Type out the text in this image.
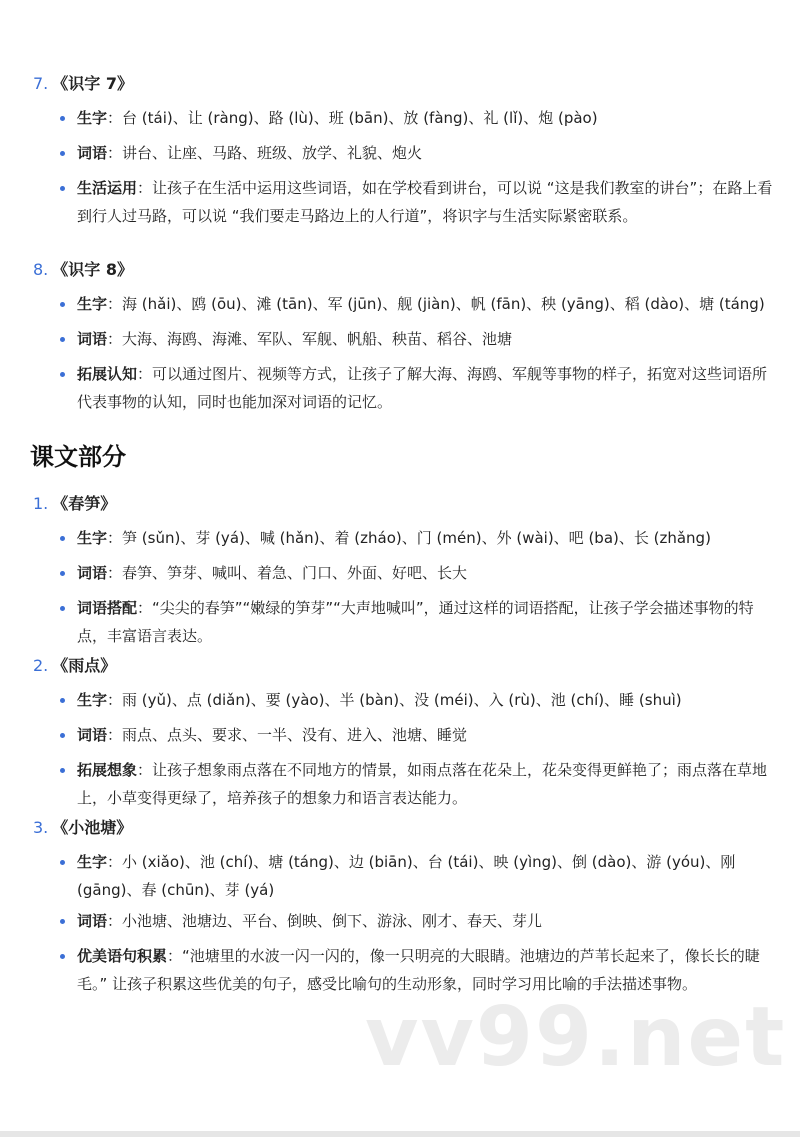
7. 《识字 7》
生字：台 (tái)、让 (ràng)、路 (lù)、班 (bān)、放 (fàng)、礼 (lǐ)、炮 (pào)
词语：讲台、让座、马路、班级、放学、礼貌、炮火
生活运用：让孩子在生活中运用这些词语，如在学校看到讲台，可以说 “这是我们教室的讲台”；在路上看到行人过马路，可以说 “我们要走马路边上的人行道”，将识字与生活实际紧密联系。
8. 《识字 8》
生字：海 (hǎi)、鸥 (ōu)、滩 (tān)、军 (jūn)、舰 (jiàn)、帆 (fān)、秧 (yāng)、稻 (dào)、塘 (táng)
词语：大海、海鸥、海滩、军队、军舰、帆船、秧苗、稻谷、池塘
拓展认知：可以通过图片、视频等方式，让孩子了解大海、海鸥、军舰等事物的样子，拓宽对这些词语所代表事物的认知，同时也能加深对词语的记忆。
课文部分
1. 《春笋》
生字：笋 (sǔn)、芽 (yá)、喊 (hǎn)、着 (zháo)、门 (mén)、外 (wài)、吧 (ba)、长 (zhǎng)
词语：春笋、笋芽、喊叫、着急、门口、外面、好吧、长大
词语搭配：“尖尖的春笋”“嫩绿的笋芽”“大声地喊叫”，通过这样的词语搭配，让孩子学会描述事物的特点，丰富语言表达。
2. 《雨点》
生字：雨 (yǔ)、点 (diǎn)、要 (yào)、半 (bàn)、没 (méi)、入 (rù)、池 (chí)、睡 (shuì)
词语：雨点、点头、要求、一半、没有、进入、池塘、睡觉
拓展想象：让孩子想象雨点落在不同地方的情景，如雨点落在花朵上，花朵变得更鲜艳了；雨点落在草地上，小草变得更绿了，培养孩子的想象力和语言表达能力。
3. 《小池塘》
生字：小 (xiǎo)、池 (chí)、塘 (táng)、边 (biān)、台 (tái)、映 (yìng)、倒 (dào)、游 (yóu)、刚 (gāng)、春 (chūn)、芽 (yá)
词语：小池塘、池塘边、平台、倒映、倒下、游泳、刚才、春天、芽儿
优美语句积累：“池塘里的水波一闪一闪的，像一只明亮的大眼睛。池塘边的芦苇长起来了，像长长的睫毛。” 让孩子积累这些优美的句子，感受比喻句的生动形象，同时学习用比喻的手法描述事物。
vv99.net
